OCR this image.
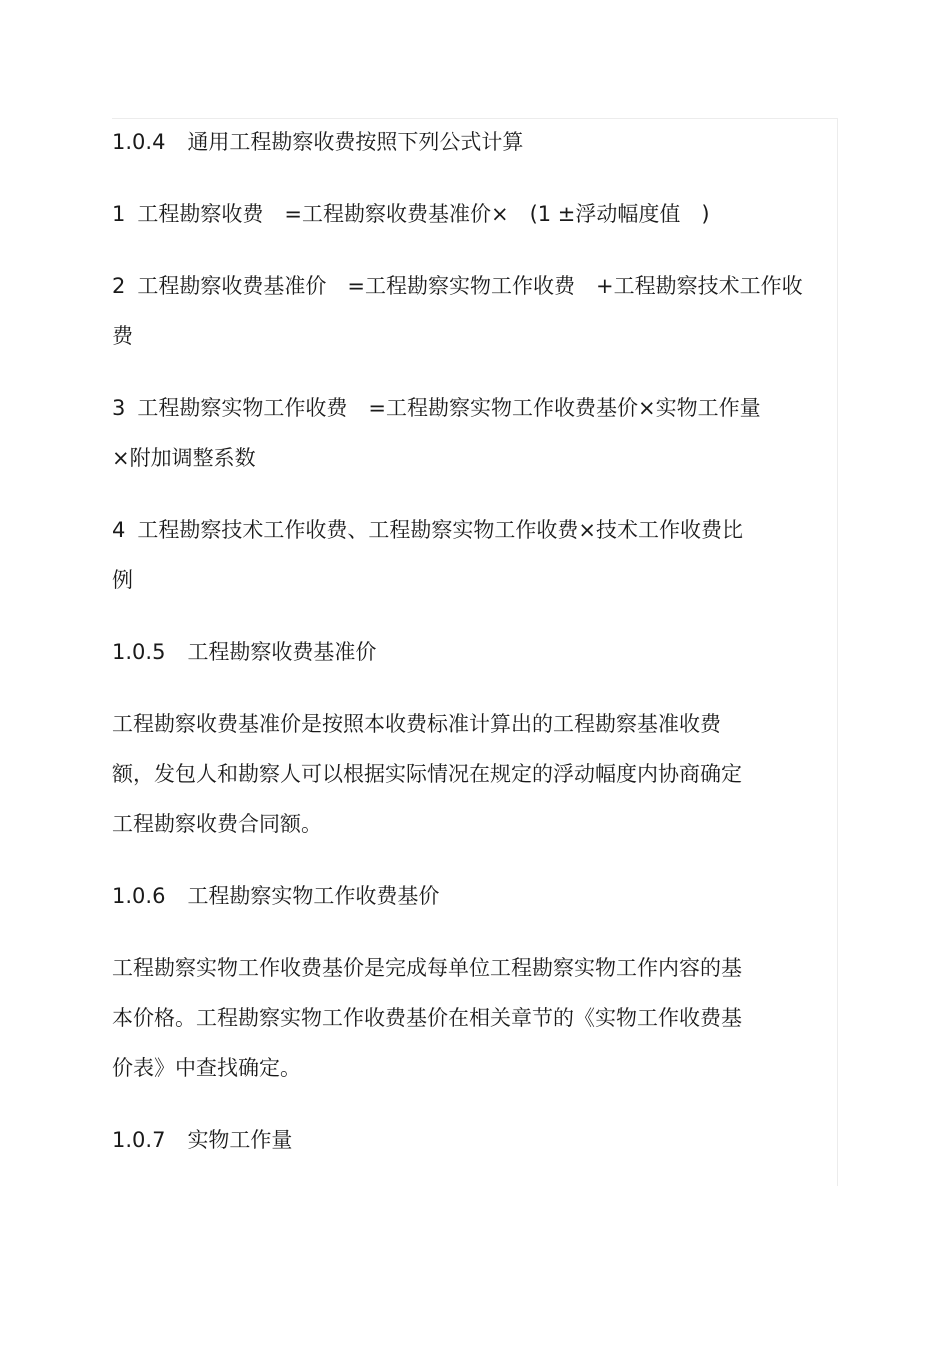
1.0.4 通用工程勘察收费按照下列公式计算
1 工程勘察收费　=工程勘察收费基准价×　(1 ±浮动幅度值　)
2 工程勘察收费基准价　=工程勘察实物工作收费　+工程勘察技术工作收
费
3 工程勘察实物工作收费　=工程勘察实物工作收费基价×实物工作量
×附加调整系数
4 工程勘察技术工作收费、工程勘察实物工作收费×技术工作收费比
例
1.0.5 工程勘察收费基准价
工程勘察收费基准价是按照本收费标准计算出的工程勘察基准收费
额，发包人和勘察人可以根据实际情况在规定的浮动幅度内协商确定
工程勘察收费合同额。
1.0.6 工程勘察实物工作收费基价
工程勘察实物工作收费基价是完成每单位工程勘察实物工作内容的基
本价格。工程勘察实物工作收费基价在相关章节的《实物工作收费基
价表》中查找确定。
1.0.7 实物工作量
